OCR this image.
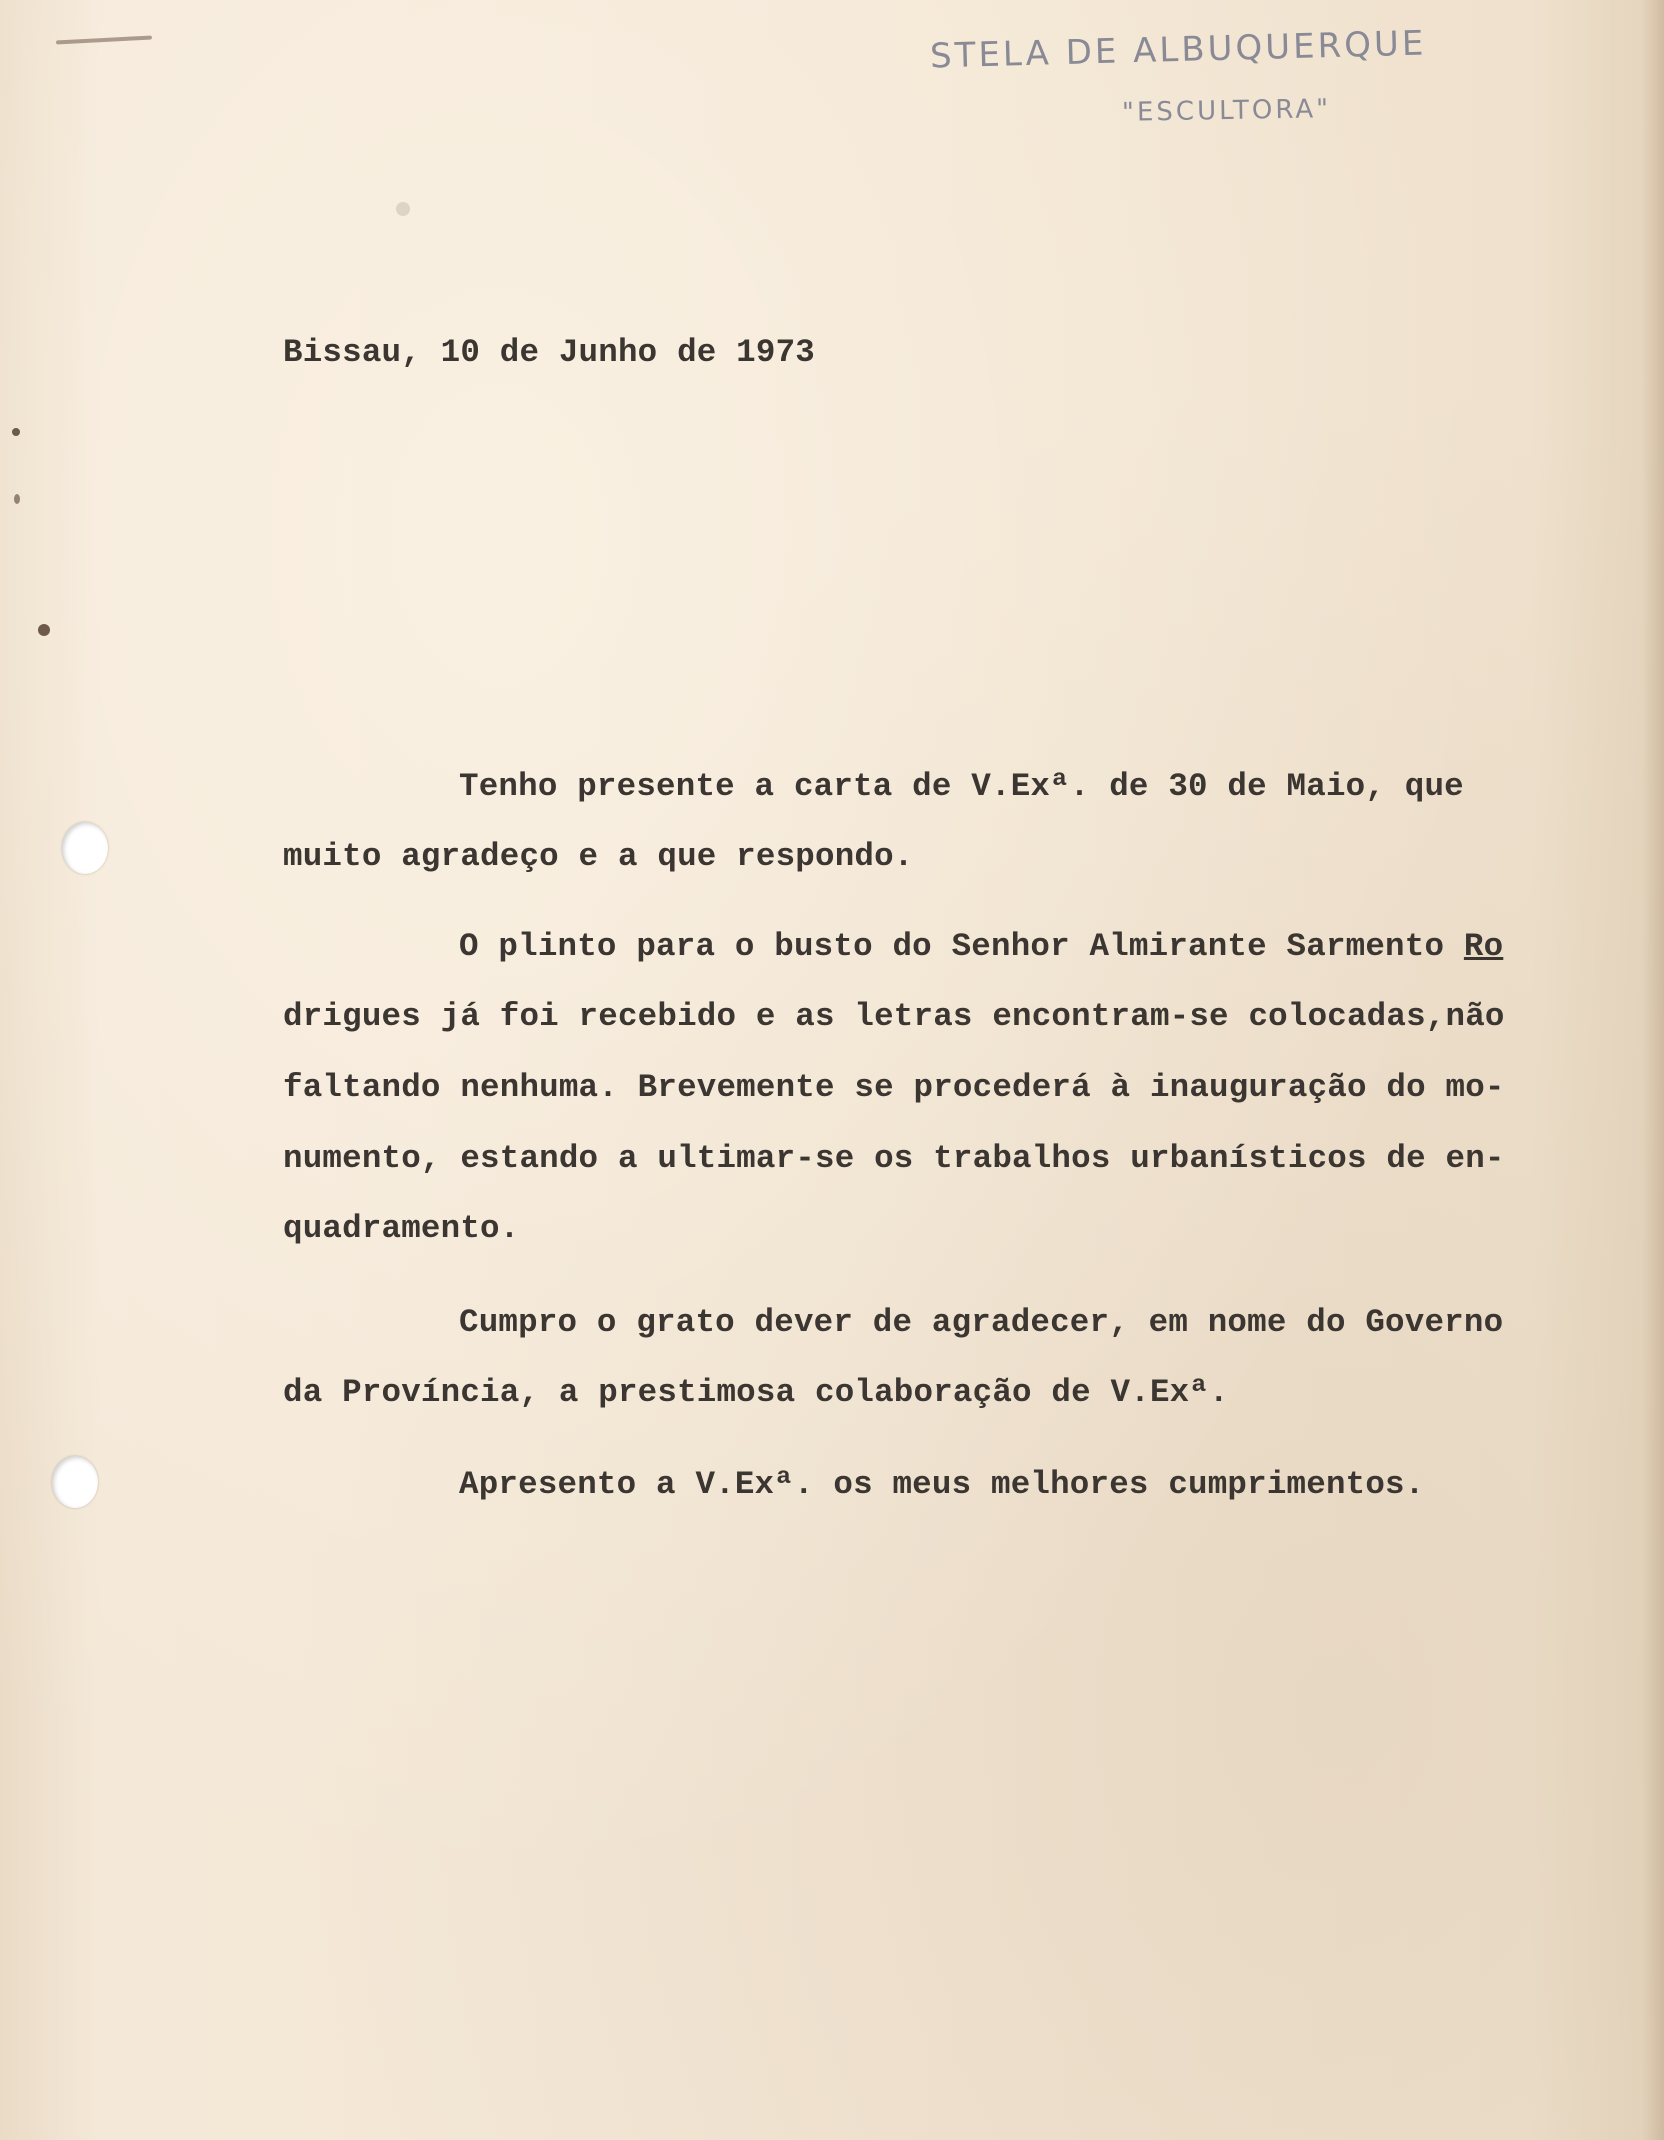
STELA DE ALBUQUERQUE
"ESCULTORA"
Bissau, 10 de Junho de 1973
Tenho presente a carta de V.Exª. de 30 de Maio, que
muito agradeço e a que respondo.
O plinto para o busto do Senhor Almirante Sarmento Ro
drigues já foi recebido e as letras encontram-se colocadas,não
faltando nenhuma. Brevemente se procederá à inauguração do mo-
numento, estando a ultimar-se os trabalhos urbanísticos de en-
quadramento.
Cumpro o grato dever de agradecer, em nome do Governo
da Província, a prestimosa colaboração de V.Exª.
Apresento a V.Exª. os meus melhores cumprimentos.
